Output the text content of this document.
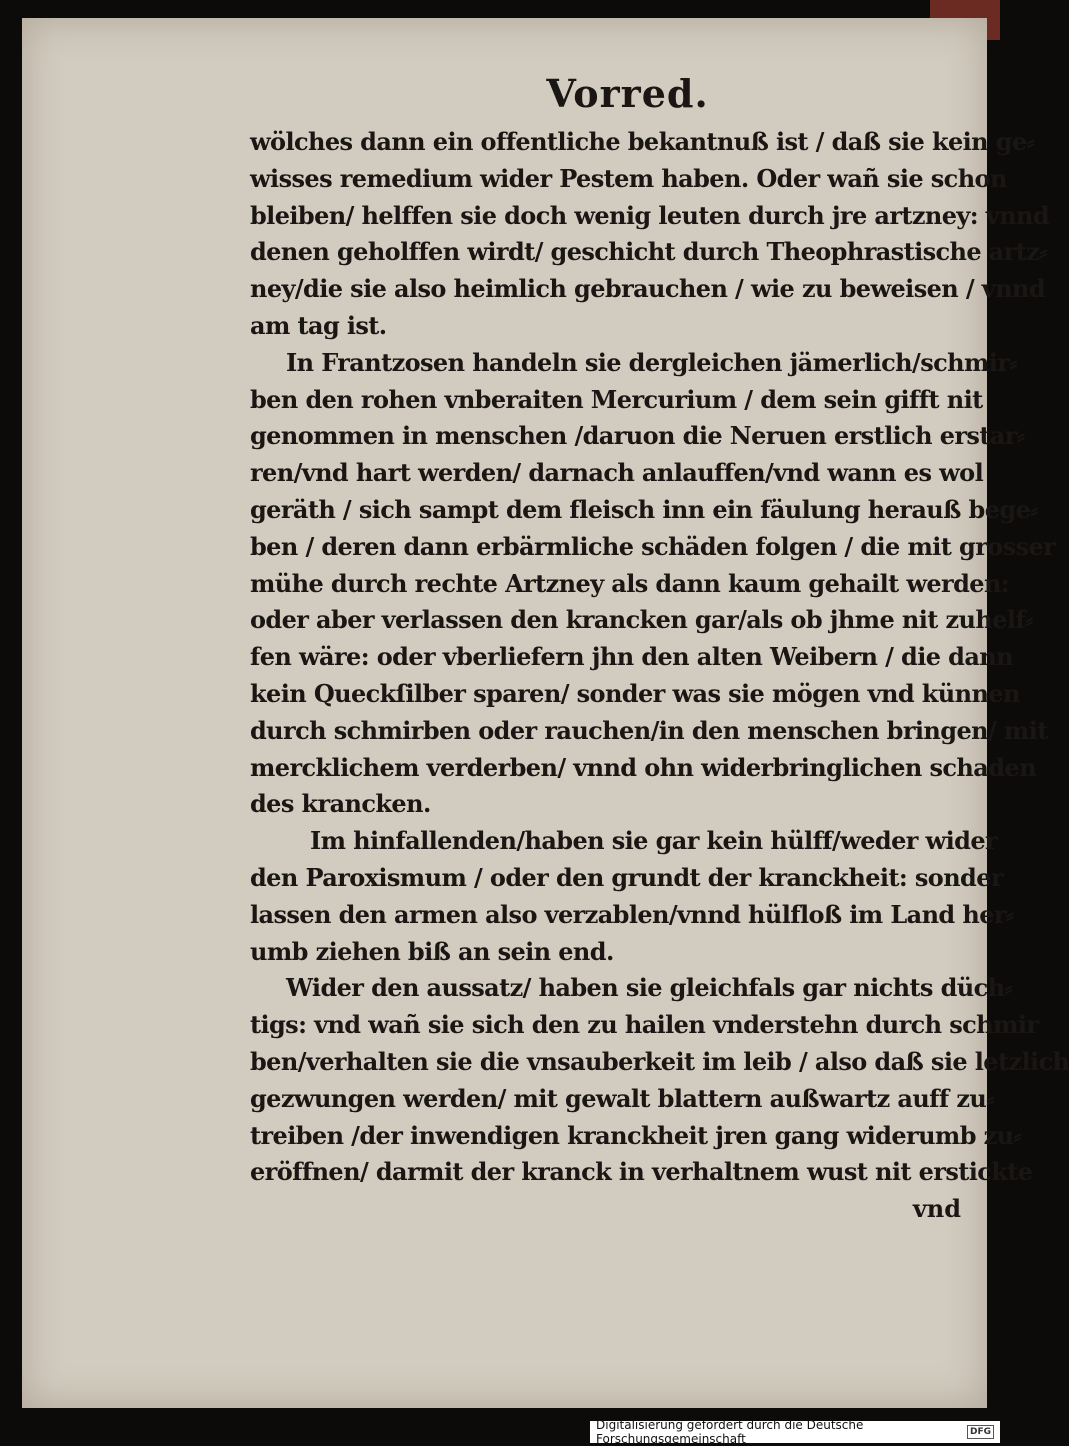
Vorred.
wölches dann ein offentliche bekantnuß ist / daß sie kein ge⸗
wisses remedium wider Pestem haben. Oder wañ sie schon
bleiben/ helffen sie doch wenig leuten durch jre artzney: vnnd
denen geholffen wirdt/ geschicht durch Theophrastische artz⸗
ney/die sie also heimlich gebrauchen / wie zu beweisen / vnnd
am tag ist.
In Frantzosen handeln sie dergleichen jämerlich/schmir⸗
ben den rohen vnberaiten Mercurium / dem sein gifft nit
genommen in menschen /daruon die Neruen erstlich erstar⸗
ren/vnd hart werden/ darnach anlauffen/vnd wann es wol
geräth / sich sampt dem fleisch inn ein fäulung herauß bege⸗
ben / deren dann erbärmliche schäden folgen / die mit grosser
mühe durch rechte Artzney als dann kaum gehailt werden:
oder aber verlassen den krancken gar/als ob jhme nit zuhelf⸗
fen wäre: oder vberliefern jhn den alten Weibern / die dann
kein Queckſilber sparen/ sonder was sie mögen vnd künnen
durch schmirben oder rauchen/in den menschen bringen/ mit
mercklichem verderben/ vnnd ohn widerbringlichen schaden
des krancken.
Im hinfallenden/haben sie gar kein hülff/weder wider
den Paroxismum / oder den grundt der kranckheit: sonder
lassen den armen also verzablen/vnnd hülfloß im Land her⸗
umb ziehen biß an sein end.
Wider den aussatz/ haben sie gleichfals gar nichts düch⸗
tigs: vnd wañ sie sich den zu hailen vnderstehn durch schmir
ben/verhalten sie die vnsauberkeit im leib / also daß sie letzlich
gezwungen werden/ mit gewalt blattern außwartz auff zu⸗
treiben /der inwendigen kranckheit jren gang widerumb zu⸗
eröffnen/ darmit der kranck in verhaltnem wust nit erstickte
vnd
Digitalisierung gefördert durch die Deutsche Forschungsgemeinschaft	DFG
